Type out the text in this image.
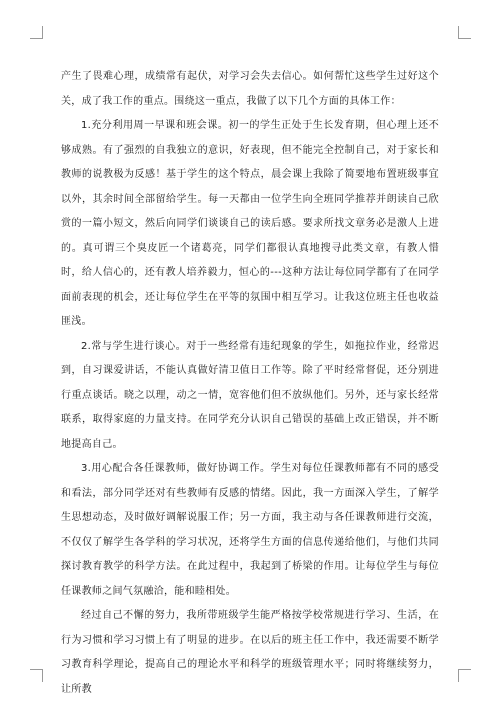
产生了畏难心理，成绩常有起伏，对学习会失去信心。如何帮忙这些学生过好这个关，成了我工作的重点。围绕这一重点，我做了以下几个方面的具体工作：

1.充分利用周一早课和班会课。初一的学生正处于生长发育期，但心理上还不够成熟。有了强烈的自我独立的意识，好表现，但不能完全控制自己，对于家长和教师的说教极为反感！基于学生的这个特点，晨会课上我除了简要地布置班级事宜以外，其余时间全部留给学生。每一天都由一位学生向全班同学推荐并朗读自己欣赏的一篇小短文，然后向同学们谈谈自己的读后感。要求所找文章务必是激人上进的。真可谓三个臭皮匠一个诸葛亮，同学们都很认真地搜寻此类文章，有教人惜时，给人信心的，还有教人培养毅力，恒心的---这种方法让每位同学都有了在同学面前表现的机会，还让每位学生在平等的氛围中相互学习。让我这位班主任也收益匪浅。

2.常与学生进行谈心。对于一些经常有违纪现象的学生，如拖拉作业，经常迟到，自习课爱讲话，不能认真做好清卫值日工作等。除了平时经常督促，还分别进行重点谈话。晓之以理，动之一情，宽容他们但不放纵他们。另外，还与家长经常联系，取得家庭的力量支持。在同学充分认识自己错误的基础上改正错误，并不断地提高自己。

3.用心配合各任课教师，做好协调工作。学生对每位任课教师都有不同的感受和看法，部分同学还对有些教师有反感的情绪。因此，我一方面深入学生，了解学生思想动态，及时做好调解说服工作；另一方面，我主动与各任课教师进行交流，不仅仅了解学生各学科的学习状况，还将学生方面的信息传递给他们，与他们共同探讨教育教学的科学方法。在此过程中，我起到了桥梁的作用。让每位学生与每位任课教师之间气氛融洽，能和睦相处。

经过自己不懈的努力，我所带班级学生能严格按学校常规进行学习、生活，在行为习惯和学习习惯上有了明显的进步。在以后的班主任工作中，我还需要不断学习教育科学理论，提高自己的理论水平和科学的班级管理水平；同时将继续努力，让所教
